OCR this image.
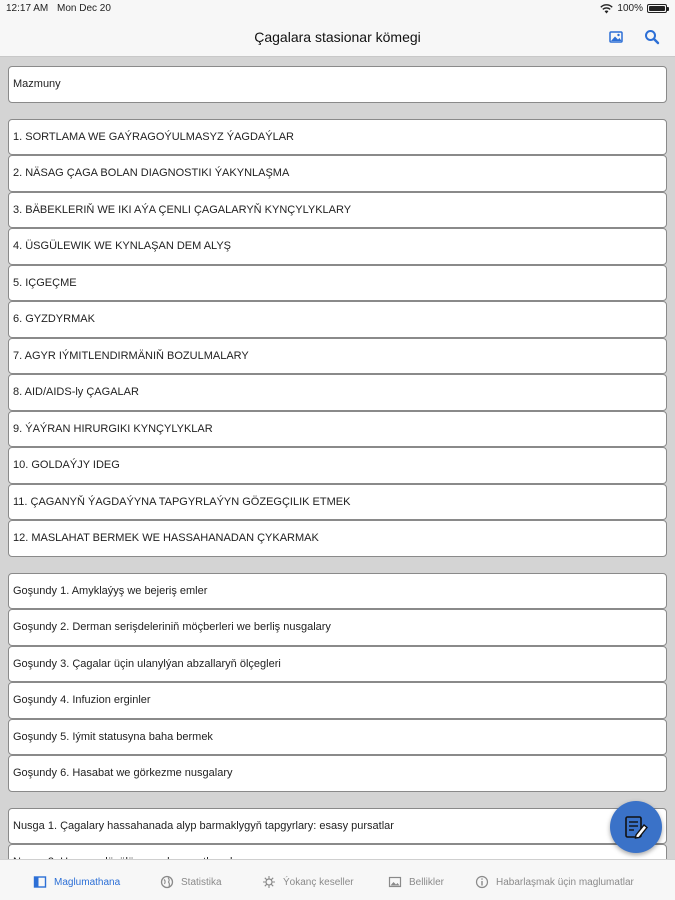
12:17 AM Mon Dec 20	100%
Çagalara stasionar kömegi
Mazmuny
1. SORTLAMA WE GAÝRAGOÝULMASYZ ÝAGDAÝLAR
2. NÄSAG ÇAGA BOLAN DIAGNOSTIKI ÝAKYNLAŞMA
3. BÄBEKLERIŇ WE IKI AÝA ÇENLI ÇAGALARYŇ KYNÇYLYKLARY
4. ÜSGÜLEWIK WE KYNLAŞAN DEM ALYŞ
5. IÇGEÇME
6. GYZDYRMAK
7. AGYR IÝMITLENDIRMÄNIŇ BOZULMALARY
8. AID/AIDS-ly ÇAGALAR
9. ÝAÝRAN HIRURGIKI KYNÇYLYKLAR
10. GOLDAÝJY IDEG
11. ÇAGANYŇ ÝAGDAÝYNA TAPGYRLAÝYN GÖZEGÇILIK ETMEK
12. MASLAHAT BERMEK WE HASSAHANADAN ÇYKARMAK
Goşundy 1. Amyklaýyş we bejeriş emler
Goşundy 2. Derman serişdeleriniň möçberleri we berliş nusgalary
Goşundy 3. Çagalar üçin ulanylýan abzallaryň ölçegleri
Goşundy 4. Infuzion erginler
Goşundy 5. Iýmit statusyna baha bermek
Goşundy 6. Hasabat we görkezme nusgalary
Nusga 1. Çagalary hassahanada alyp barmaklygyň tapgyrlary: esasy pursatlar
Maglumathana	Statistika	Ýokanç keseller	Bellikler	Habarlaşmak üçin maglumatlar
